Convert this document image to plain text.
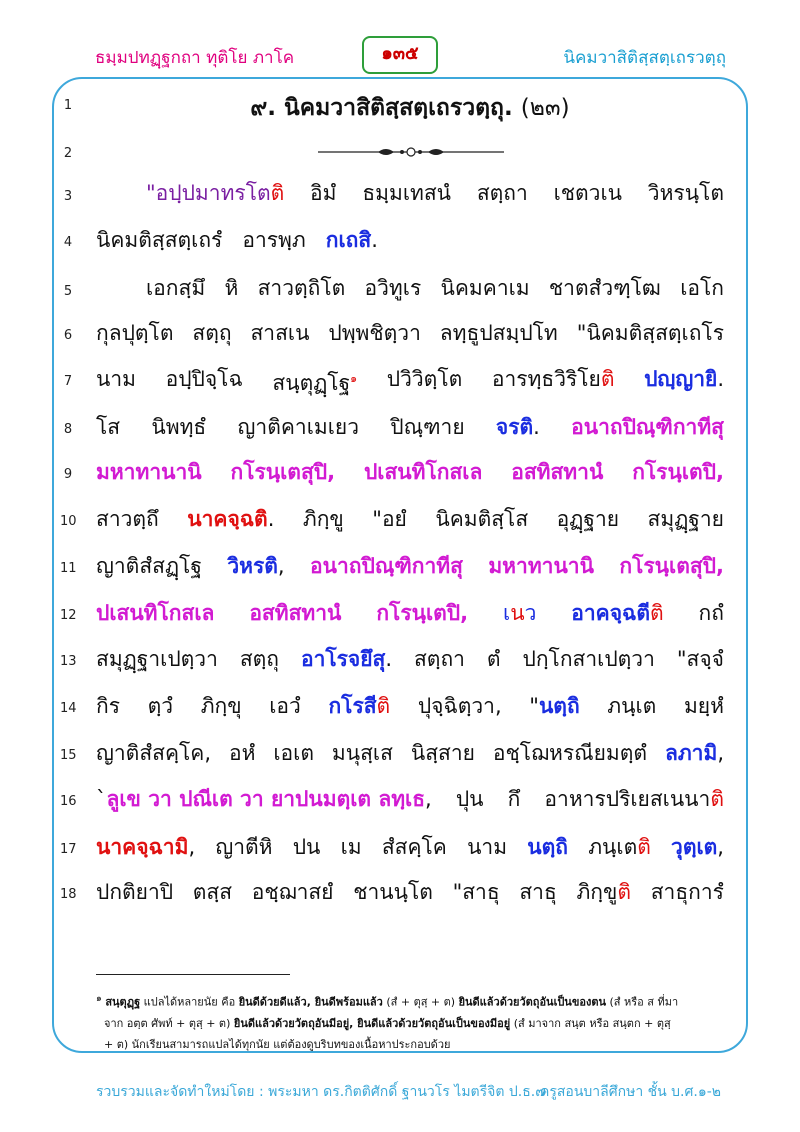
ธมฺมปทฏฺฐกถา ทุติโย ภาโค	๑๓๕	นิคมวาสิติสฺสตฺเถรวตฺถุ
1
2
3
4
5
6
7
8
9
10
11
12
13
14
15
16
17
18
๙. นิคมวาสิติสฺสตฺเถรวตฺถุ. (๒๓)
"อปฺปมาทรโตติ อิมํ ธมฺมเทสนํ สตฺถา เชตวเน วิหรนฺโต
นิคมติสฺสตฺเถรํ อารพฺภ กเถสิ.
เอกสฺมึ หิ สาวตฺถิโต อวิทูเร นิคมคาเม ชาตสํวฑฺโฒ เอโก
กุลปุตฺโต สตฺถุ สาสเน ปพฺพชิตฺวา ลทฺธูปสมฺปโท "นิคมติสฺสตฺเถโร
นาม อปฺปิจฺโฉ สนฺตุฏฺโฐ$^๑$ ปวิวิตฺโต อารทฺธวิริโยติ ปญฺญายิ.
โส นิพทฺธํ ญาติคาเมเยว ปิณฺฑาย จรติ. อนาถปิณฺฑิกาทีสุ
มหาทานานิ กโรนฺเตสุปิ, ปเสนทิโกสเล อสทิสทานํ กโรนฺเตปิ,
สาวตฺถึ นาคจฺฉติ. ภิกฺขู "อยํ นิคมติสฺโส อุฏฺฐาย สมุฏฺฐาย
ญาติสํสฏฺโฐ วิหรติ, อนาถปิณฺฑิกาทีสุ มหาทานานิ กโรนฺเตสุปิ,
ปเสนทิโกสเล อสทิสทานํ กโรนฺเตปิ, เนว อาคจฺฉตีติ กถํ
สมุฏฺฐาเปตฺวา สตฺถุ อาโรจยึสุ. สตฺถา ตํ ปกฺโกสาเปตฺวา "สจฺจํ
กิร ตฺวํ ภิกฺขุ เอวํ กโรสีติ ปุจฺฉิตฺวา, "นตฺถิ ภนฺเต มยฺหํ
ญาติสํสคฺโค, อหํ เอเต มนุสฺเส นิสฺสาย อชฺโฌหรณียมตฺตํ ลภามิ,
`ลูเข วา ปณีเต วา ยาปนมตฺเต ลทฺเธ, ปุน กึ อาหารปริเยสเนนาติ
นาคจฺฉามิ, ญาตีหิ ปน เม สํสคฺโค นาม นตฺถิ ภนฺเตติ วุตฺเต,
ปกติยาปิ ตสฺส อชฺฌาสยํ ชานนฺโต "สาธุ สาธุ ภิกฺขูติ สาธุการํ
$^๑$ สนฺตุฏฺฐ แปลได้หลายนัย คือ ยินดีด้วยดีแล้ว, ยินดีพร้อมแล้ว (สํ + ตุสฺ + ต) ยินดีแล้วด้วยวัตถุอันเป็นของตน (สํ หรือ ส ที่มา
จาก อตฺต ศัพท์ + ตุสฺ + ต) ยินดีแล้วด้วยวัตถุอันมีอยู่, ยินดีแล้วด้วยวัตถุอันเป็นของมีอยู่ (สํ มาจาก สนฺต หรือ สนฺตก + ตุสฺ
+ ต) นักเรียนสามารถแปลได้ทุกนัย แต่ต้องดูบริบทของเนื้อหาประกอบด้วย
รวบรวมและจัดทำใหม่โดย : พระมหา ดร.กิตติศักดิ์ ฐานวโร ไมตรีจิต ป.ธ.๗
ครูสอนบาลีศึกษา ชั้น บ.ศ.๑-๒
